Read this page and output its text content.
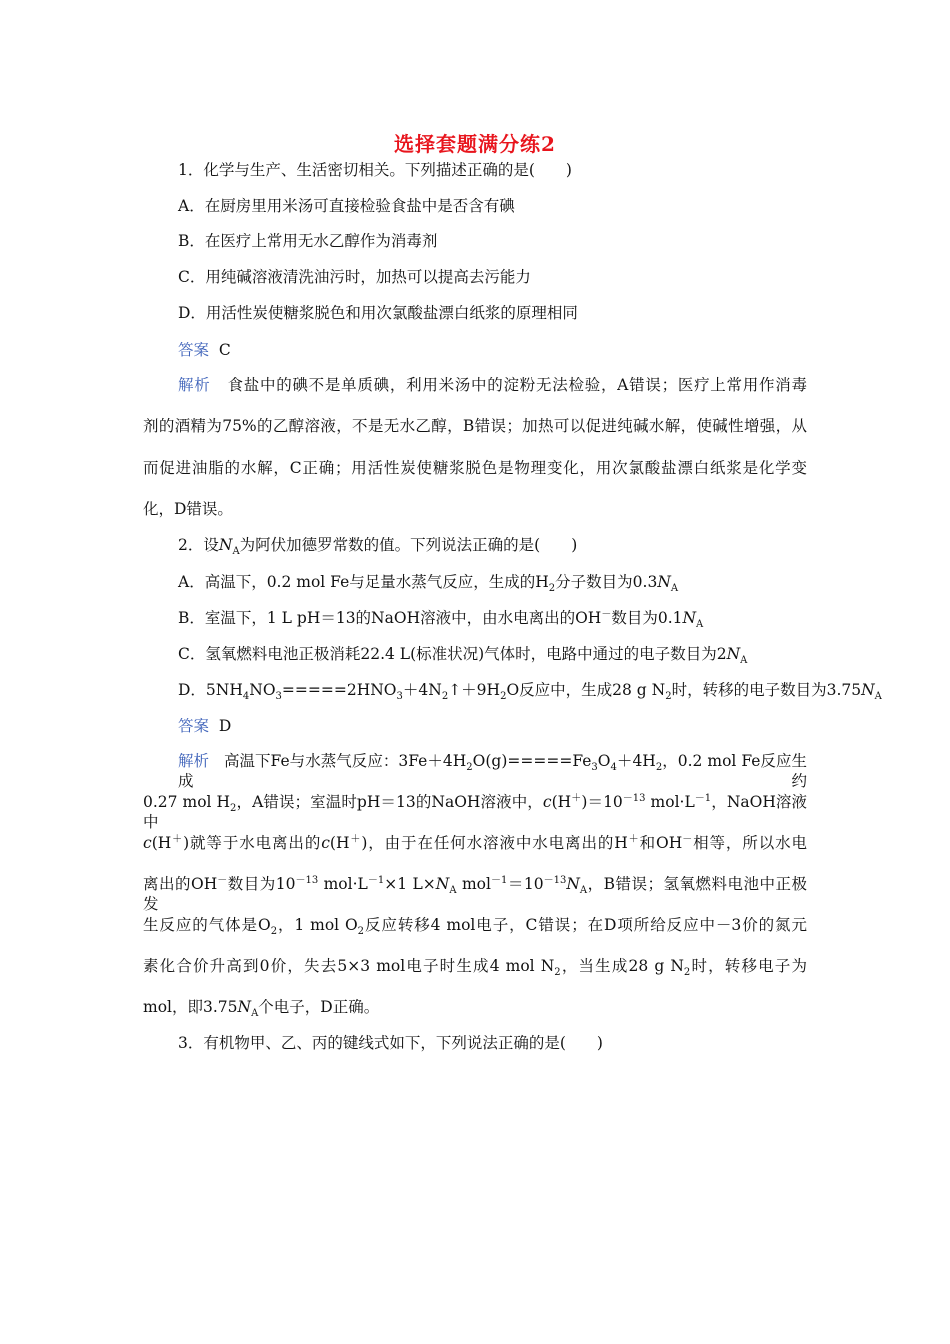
选择套题满分练2
1．化学与生产、生活密切相关。下列描述正确的是(　　)
A．在厨房里用米汤可直接检验食盐中是否含有碘
B．在医疗上常用无水乙醇作为消毒剂
C．用纯碱溶液清洗油污时，加热可以提高去污能力
D．用活性炭使糖浆脱色和用次氯酸盐漂白纸浆的原理相同
答案 C
解析 食盐中的碘不是单质碘，利用米汤中的淀粉无法检验，A错误；医疗上常用作消毒
剂的酒精为75%的乙醇溶液，不是无水乙醇，B错误；加热可以促进纯碱水解，使碱性增强，从
而促进油脂的水解，C正确；用活性炭使糖浆脱色是物理变化，用次氯酸盐漂白纸浆是化学变
化，D错误。
2．设$N_A$为阿伏加德罗常数的值。下列说法正确的是(　　)
A．高温下，0.2 mol Fe与足量水蒸气反应，生成的$H_2$分子数目为$0.3N_A$
B．室温下，1 L pH＝13的NaOH溶液中，由水电离出的OH－数目为$0.1N_A$
C．氢氧燃料电池正极消耗22.4 L(标准状况)气体时，电路中通过的电子数目为$2N_A$
D．$5NH_4NO_3=====2HNO_3+4N_2↑+9H_2O$反应中，生成28 g $N_2$时，转移的电子数目为$3.75N_A$
答案 D
解析   高温下Fe与水蒸气反应：$3Fe+4H_2O(g)=====Fe_3O_4+4H_2$，0.2 mol Fe反应生成约
0.27 mol $H_2$，A错误；室温时pH＝13的NaOH溶液中，$c(H^+)=10^{-13}$ $mol\cdot L^{-1}$，NaOH溶液中
c(H＋)就等于水电离出的c(H＋)，由于在任何水溶液中水电离出的H＋和OH－相等，所以水电
离出的OH－数目为$10^{-13}$ $mol\cdot L^{-1}\times 1$ $L\times N_A$ $mol^{-1}=10^{-13}N_A$，B错误；氢氧燃料电池中正极发
生反应的气体是$O_2$，1 mol $O_2$反应转移4 mol电子，C错误；在D项所给反应中－3价的氮元
素化合价升高到0价，失去5×3 mol电子时生成4 mol $N_2$，当生成28 g $N_2$时，转移电子为
mol，即$3.75N_A$个电子，D正确。
3．有机物甲、乙、丙的键线式如下，下列说法正确的是(　　)
